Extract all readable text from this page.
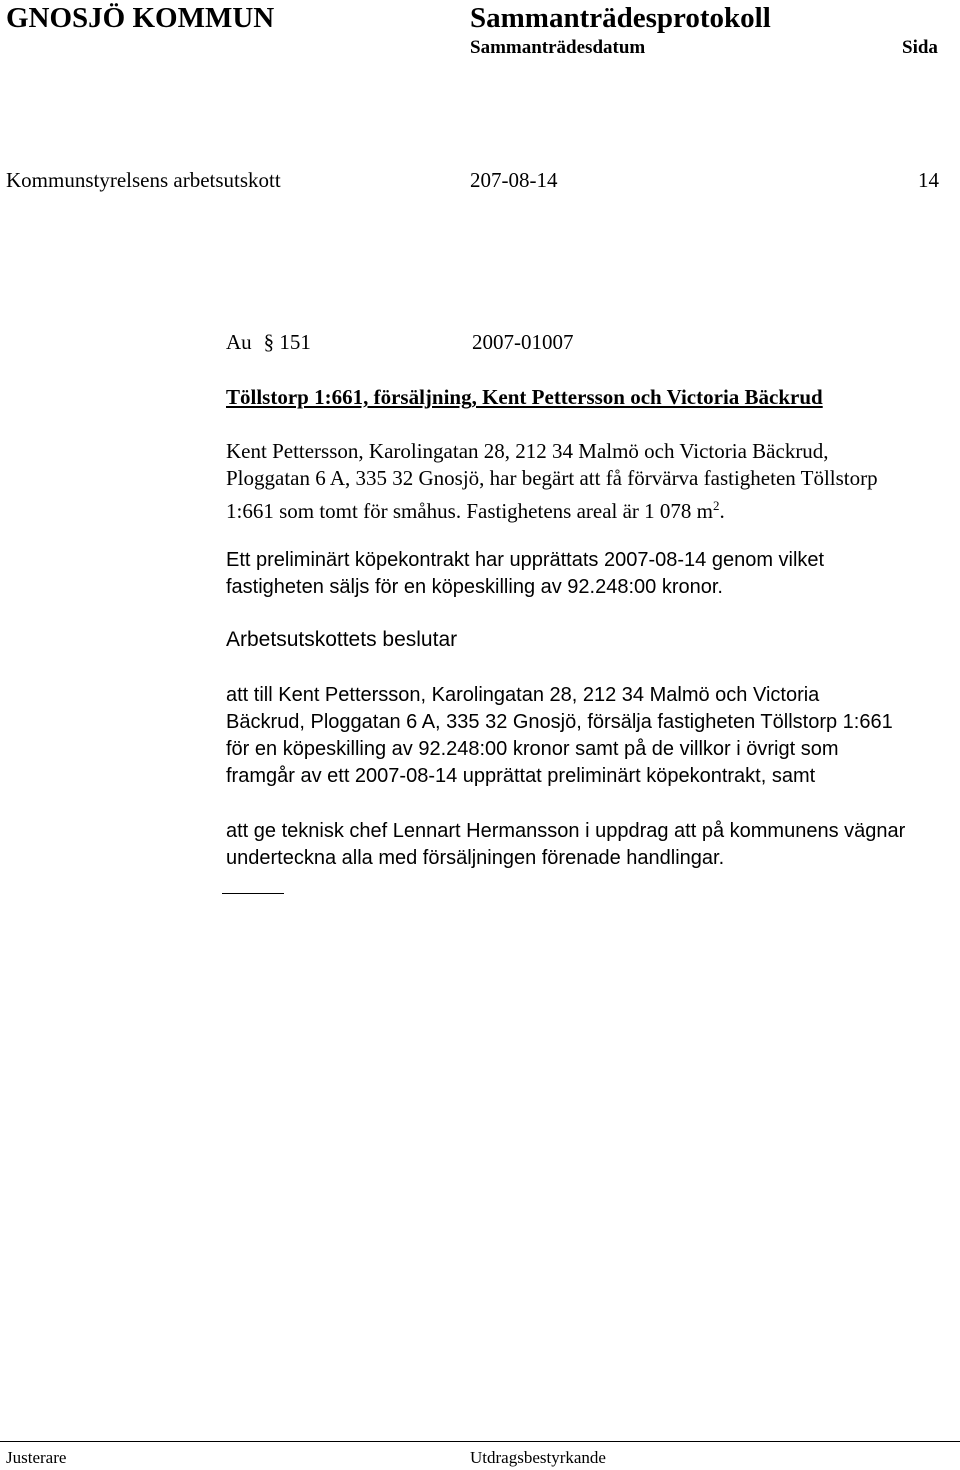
GNOSJÖ KOMMUN	Sammanträdesprotokoll
Sammanträdesdatum	Sida
Kommunstyrelsens arbetsutskott	207-08-14	14
Au § 151	2007-01007
Töllstorp 1:661, försäljning, Kent Pettersson och Victoria Bäckrud
Kent Pettersson, Karolingatan 28, 212 34 Malmö och Victoria Bäckrud,
Ploggatan 6 A, 335 32 Gnosjö, har begärt att få förvärva fastigheten Töllstorp
1:661 som tomt för småhus. Fastighetens areal är 1 078 $m^2$.
Ett preliminärt köpekontrakt har upprättats 2007-08-14 genom vilket
fastigheten säljs för en köpeskilling av 92.248:00 kronor.
Arbetsutskottets beslutar
att till Kent Pettersson, Karolingatan 28, 212 34 Malmö och Victoria
Bäckrud, Ploggatan 6 A, 335 32 Gnosjö, försälja fastigheten Töllstorp 1:661
för en köpeskilling av 92.248:00 kronor samt på de villkor i övrigt som
framgår av ett 2007-08-14 upprättat preliminärt köpekontrakt, samt
att ge teknisk chef Lennart Hermansson i uppdrag att på kommunens vägnar
underteckna alla med försäljningen förenade handlingar.
Justerare	Utdragsbestyrkande
